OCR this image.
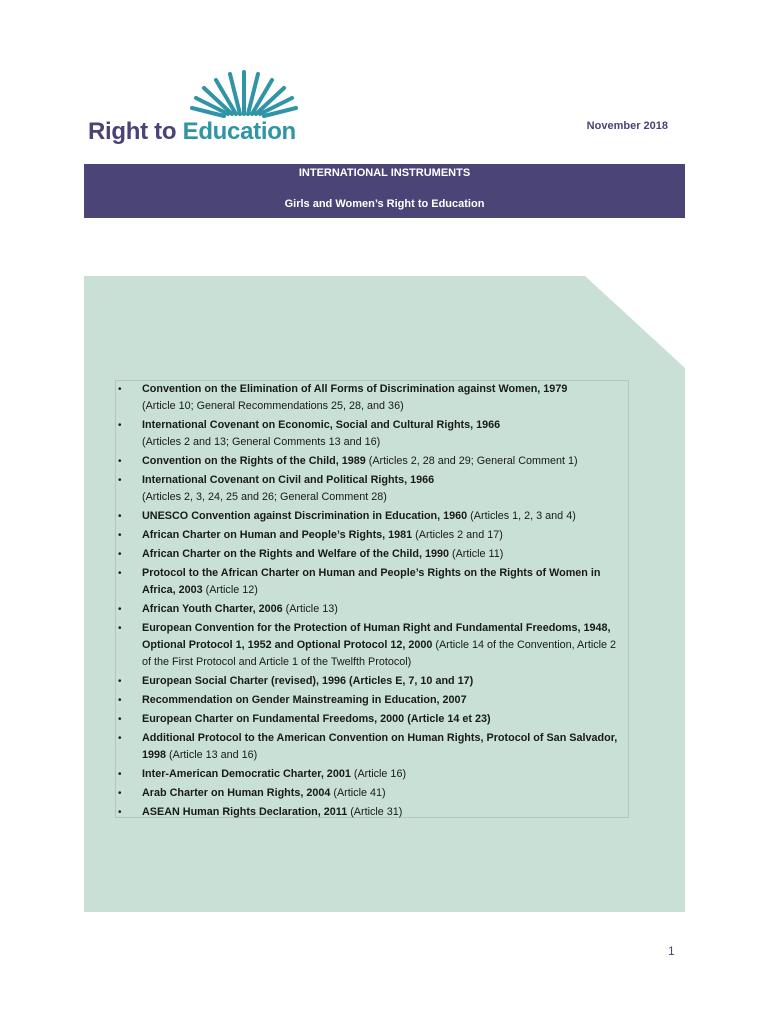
Right to Education	November 2018
INTERNATIONAL INSTRUMENTS
Girls and Women’s Right to Education
• Convention on the Elimination of All Forms of Discrimination against Women, 1979
(Article 10; General Recommendations 25, 28, and 36)
• International Covenant on Economic, Social and Cultural Rights, 1966
(Articles 2 and 13; General Comments 13 and 16)
• Convention on the Rights of the Child, 1989 (Articles 2, 28 and 29; General Comment 1)
• International Covenant on Civil and Political Rights, 1966
(Articles 2, 3, 24, 25 and 26; General Comment 28)
• UNESCO Convention against Discrimination in Education, 1960 (Articles 1, 2, 3 and 4)
• African Charter on Human and People’s Rights, 1981 (Articles 2 and 17)
• African Charter on the Rights and Welfare of the Child, 1990 (Article 11)
• Protocol to the African Charter on Human and People’s Rights on the Rights of Women in Africa, 2003 (Article 12)
• African Youth Charter, 2006 (Article 13)
• European Convention for the Protection of Human Right and Fundamental Freedoms, 1948, Optional Protocol 1, 1952 and Optional Protocol 12, 2000 (Article 14 of the Convention, Article 2 of the First Protocol and Article 1 of the Twelfth Protocol)
• European Social Charter (revised), 1996 (Articles E, 7, 10 and 17)
• Recommendation on Gender Mainstreaming in Education, 2007
• European Charter on Fundamental Freedoms, 2000 (Article 14 et 23)
• Additional Protocol to the American Convention on Human Rights, Protocol of San Salvador, 1998 (Article 13 and 16)
• Inter-American Democratic Charter, 2001 (Article 16)
• Arab Charter on Human Rights, 2004 (Article 41)
• ASEAN Human Rights Declaration, 2011 (Article 31)
1
